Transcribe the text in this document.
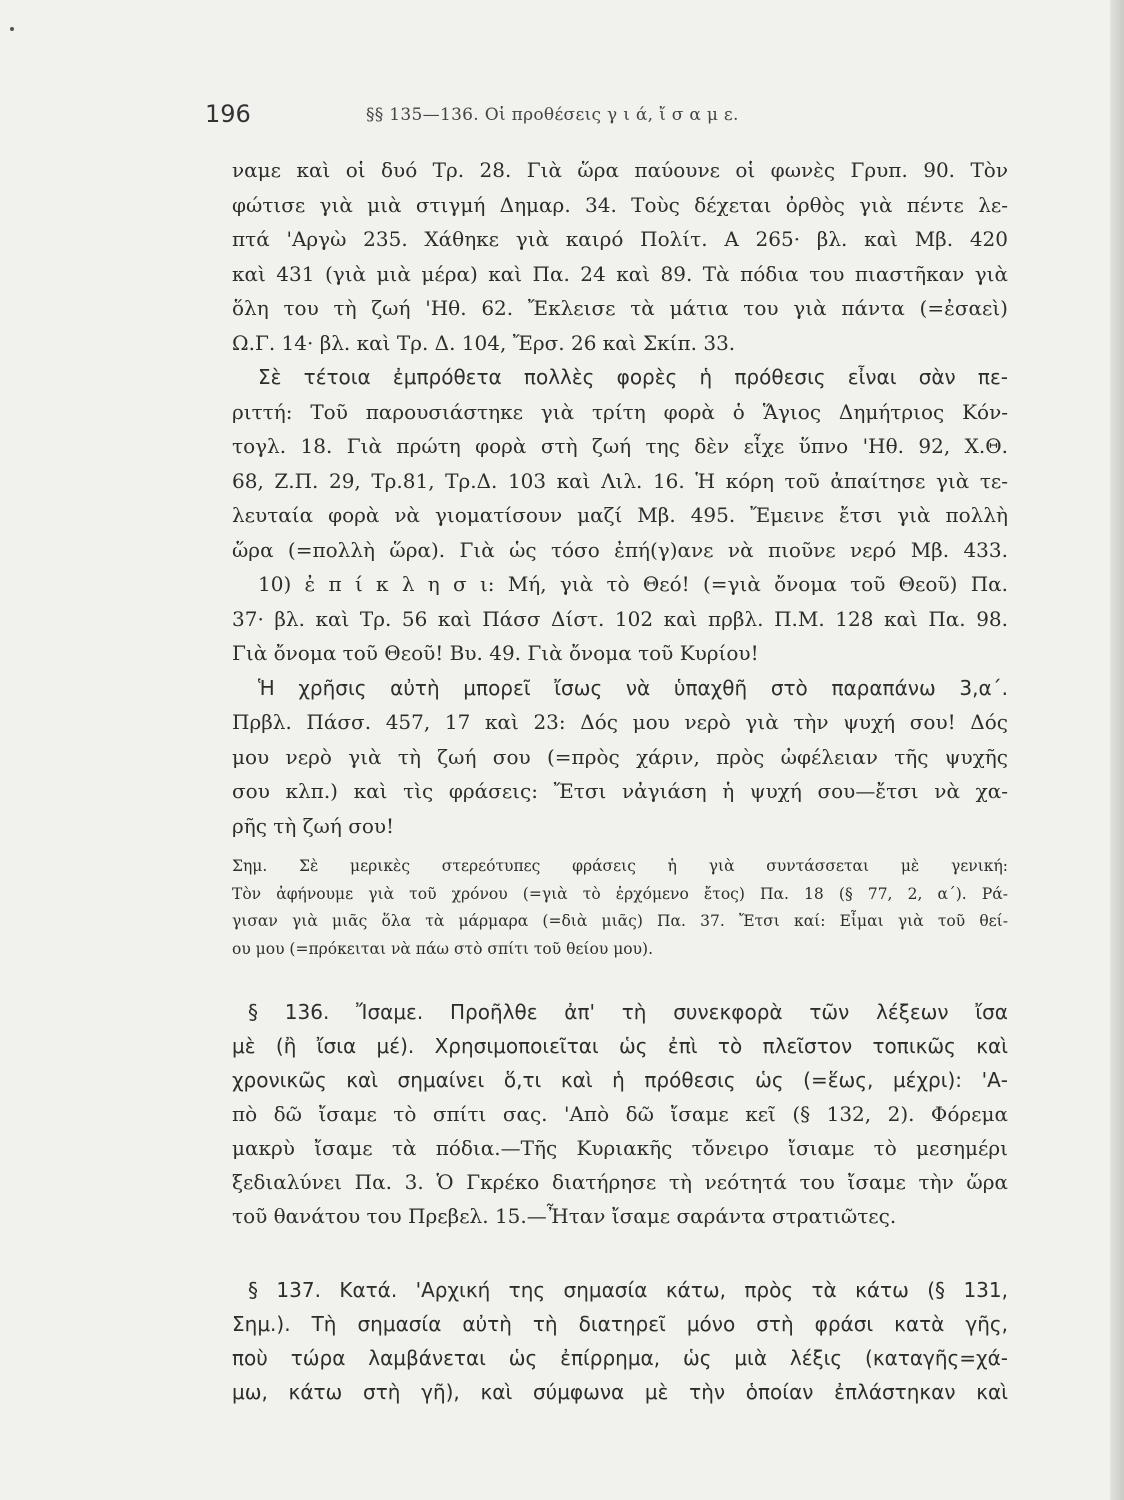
196	§§ 135—136. Οἱ προθέσεις γ ι ά, ἴ σ α μ ε.
ναμε καὶ οἱ δυό Τρ. 28. Γιὰ ὥρα παύουνε οἱ φωνὲς Γρυπ. 90. Τὸν
φώτισε γιὰ μιὰ στιγμή Δημαρ. 34. Τοὺς δέχεται ὀρθὸς γιὰ πέντε λε-
πτά 'Αργὼ 235. Χάθηκε γιὰ καιρό Πολίτ. Α 265· βλ. καὶ Μβ. 420
καὶ 431 (γιὰ μιὰ μέρα) καὶ Πα. 24 καὶ 89. Τὰ πόδια του πιαστῆκαν γιὰ
ὅλη του τὴ ζωή 'Ηθ. 62. Ἔκλεισε τὰ μάτια του γιὰ πάντα (=ἐσαεὶ)
Ω.Γ. 14· βλ. καὶ Τρ. Δ. 104, Ἔρσ. 26 καὶ Σκίπ. 33.
Σὲ τέτοια ἐμπρόθετα πολλὲς φορὲς ἡ πρόθεσις εἶναι σὰν πε-
ριττή: Τοῦ παρουσιάστηκε γιὰ τρίτη φορὰ ὁ Ἅγιος Δημήτριος Κόν-
τογλ. 18. Γιὰ πρώτη φορὰ στὴ ζωή της δὲν εἶχε ὕπνο 'Ηθ. 92, Χ.Θ.
68, Ζ.Π. 29, Τρ.81, Τρ.Δ. 103 καὶ Λιλ. 16. Ἡ κόρη τοῦ ἀπαίτησε γιὰ τε-
λευταία φορὰ νὰ γιοματίσουν μαζί Μβ. 495. Ἔμεινε ἔτσι γιὰ πολλὴ
ὥρα (=πολλὴ ὥρα). Γιὰ ὡς τόσο ἐπή(γ)ανε νὰ πιοῦνε νερό Μβ. 433.
10) ἐ π ί κ λ η σ ι: Μή, γιὰ τὸ Θεό! (=γιὰ ὄνομα τοῦ Θεοῦ) Πα.
37· βλ. καὶ Τρ. 56 καὶ Πάσσ Δίστ. 102 καὶ πρβλ. Π.Μ. 128 καὶ Πα. 98.
Γιὰ ὄνομα τοῦ Θεοῦ! Βυ. 49. Γιὰ ὄνομα τοῦ Κυρίου!
Ἡ χρῆσις αὐτὴ μπορεῖ ἴσως νὰ ὑπαχθῆ στὸ παραπάνω 3,α΄.
Πρβλ. Πάσσ. 457, 17 καὶ 23: Δός μου νερὸ γιὰ τὴν ψυχή σου! Δός
μου νερὸ γιὰ τὴ ζωή σου (=πρὸς χάριν, πρὸς ὠφέλειαν τῆς ψυχῆς
σου κλπ.) καὶ τὶς φράσεις: Ἔτσι νἀγιάση ἡ ψυχή σου—ἔτσι νὰ χα-
ρῆς τὴ ζωή σου!
Σημ. Σὲ μερικὲς στερεότυπες φράσεις ἡ γιὰ συντάσσεται μὲ γενική:
Τὸν ἀφήνουμε γιὰ τοῦ χρόνου (=γιὰ τὸ ἐρχόμενο ἔτος) Πα. 18 (§ 77, 2, α΄). Ρά-
γισαν γιὰ μιᾶς ὅλα τὰ μάρμαρα (=διὰ μιᾶς) Πα. 37. Ἔτσι καί: Εἶμαι γιὰ τοῦ θεί-
ου μου (=πρόκειται νὰ πάω στὸ σπίτι τοῦ θείου μου).
§ 136. Ἴσαμε. Προῆλθε ἀπ' τὴ συνεκφορὰ τῶν λέξεων ἴσα
μὲ (ἢ ἴσια μέ). Χρησιμοποιεῖται ὡς ἐπὶ τὸ πλεῖστον τοπικῶς καὶ
χρονικῶς καὶ σημαίνει ὅ,τι καὶ ἡ πρόθεσις ὡς (=ἕως, μέχρι): 'Α-
πὸ δῶ ἴσαμε τὸ σπίτι σας. 'Απὸ δῶ ἴσαμε κεῖ (§ 132, 2). Φόρεμα
μακρὺ ἴσαμε τὰ πόδια.—Τῆς Κυριακῆς τὄνειρο ἴσιαμε τὸ μεσημέρι
ξεδιαλύνει Πα. 3. Ὁ Γκρέκο διατήρησε τὴ νεότητά του ἴσαμε τὴν ὥρα
τοῦ θανάτου του Πρεβελ. 15.—Ἦταν ἴσαμε σαράντα στρατιῶτες.
§ 137. Κατά. 'Αρχική της σημασία κάτω, πρὸς τὰ κάτω (§ 131,
Σημ.). Τὴ σημασία αὐτὴ τὴ διατηρεῖ μόνο στὴ φράσι κατὰ γῆς,
ποὺ τώρα λαμβάνεται ὡς ἐπίρρημα, ὡς μιὰ λέξις (καταγῆς=χά-
μω, κάτω στὴ γῆ), καὶ σύμφωνα μὲ τὴν ὁποίαν ἐπλάστηκαν καὶ
